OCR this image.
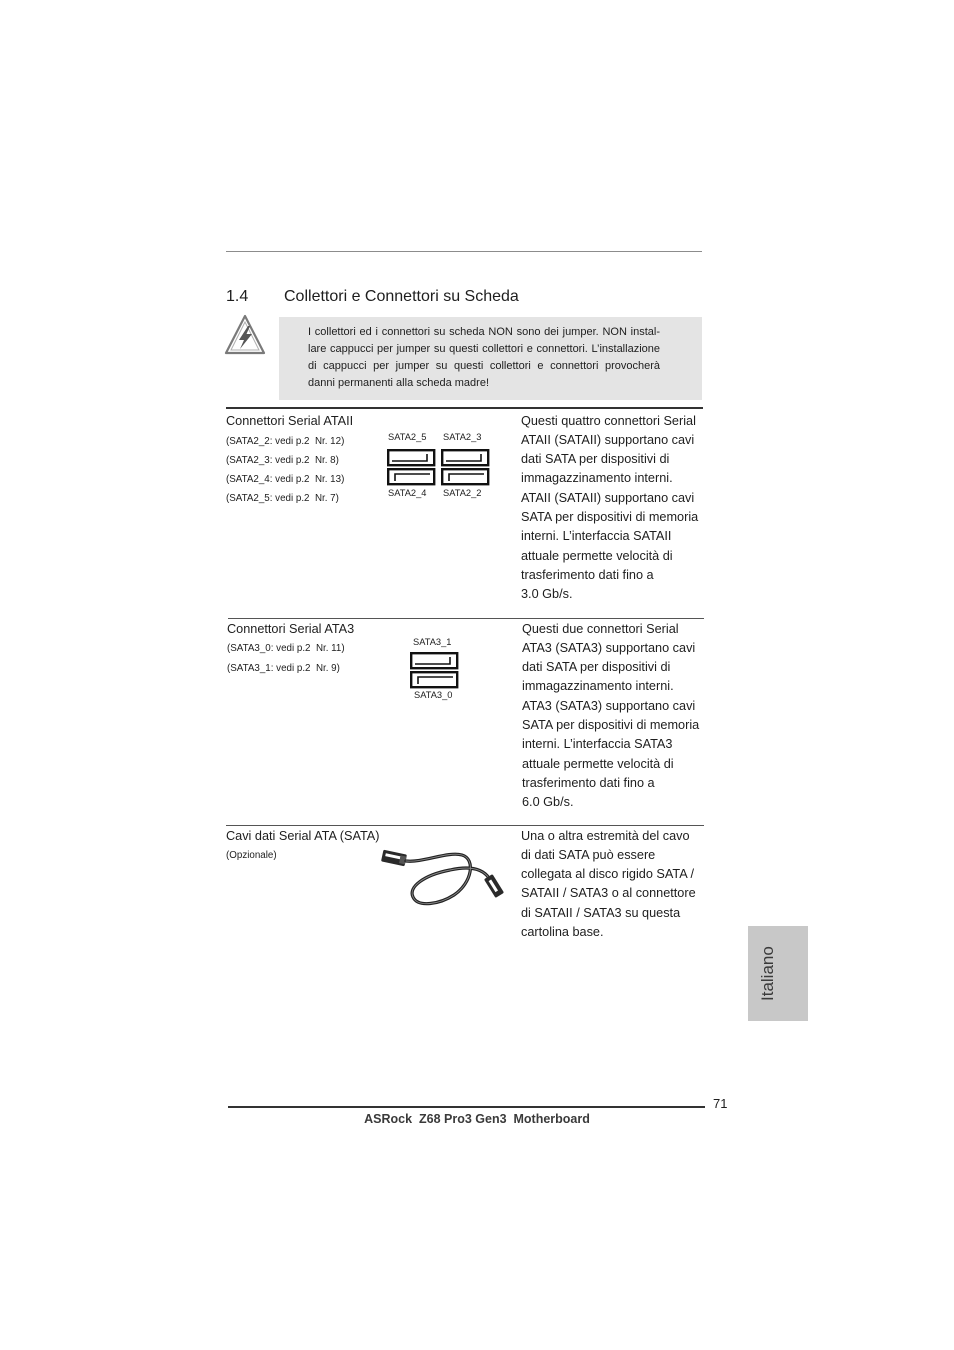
1.4 Collettori e Connettori su Scheda
I collettori ed i connettori su scheda NON sono dei jumper. NON instal-
lare cappucci per jumper su questi collettori e connettori. L’installazione
di cappucci per jumper su questi collettori e connettori provocherà
danni permanenti alla scheda madre!
Connettori Serial ATAII
(SATA2_2: vedi p.2  Nr. 12)
(SATA2_3: vedi p.2  Nr. 8)
(SATA2_4: vedi p.2  Nr. 13)
(SATA2_5: vedi p.2  Nr. 7)
SATA2_5 SATA2_3
SATA2_4 SATA2_2
Questi quattro connettori Serial
ATAII (SATAII) supportano cavi
dati SATA per dispositivi di
immagazzinamento interni.
ATAII (SATAII) supportano cavi
SATA per dispositivi di memoria
interni. L’interfaccia SATAII
attuale permette velocità di
trasferimento dati fino a
3.0 Gb/s.
Connettori Serial ATA3
(SATA3_0: vedi p.2  Nr. 11)
(SATA3_1: vedi p.2  Nr. 9)
SATA3_1
SATA3_0
Questi due connettori Serial
ATA3 (SATA3) supportano cavi
dati SATA per dispositivi di
immagazzinamento interni.
ATA3 (SATA3) supportano cavi
SATA per dispositivi di memoria
interni. L’interfaccia SATA3
attuale permette velocità di
trasferimento dati fino a
6.0 Gb/s.
Cavi dati Serial ATA (SATA)
(Opzionale)
Una o altra estremità del cavo
di dati SATA può essere
collegata al disco rigido SATA /
SATAII / SATA3 o al connettore
di SATAII / SATA3 su questa
cartolina base.
Italiano
71
ASRock  Z68 Pro3 Gen3  Motherboard
